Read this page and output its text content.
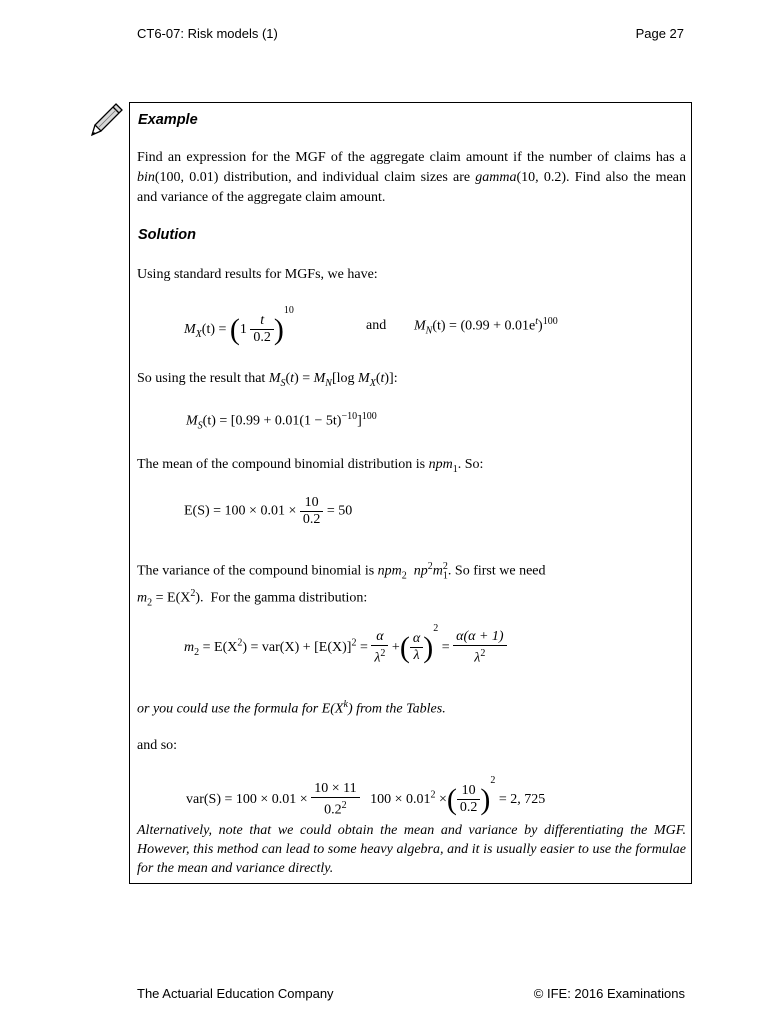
CT6-07: Risk models (1)	Page 27
Example
Find an expression for the MGF of the aggregate claim amount if the number of claims has a bin(100, 0.01) distribution, and individual claim sizes are gamma(10, 0.2). Find also the mean and variance of the aggregate claim amount.
Solution
Using standard results for MGFs, we have:
$M_X(t) = (1 \frac{t}{0.2} )^{10}$
and $M_N(t) = (0.99 + 0.01e^t)^{100}$
So using the result that $M_S(t) = M_N[\log$ $M_X(t)$]:
$M_S(t) = [0.99 + 0.01(1 - 5t)^{-10}]^{100}$
The mean of the compound binomial distribution is npm$_1$. So:
$E(S) = 100 \times 0.01 \times \frac{10}{0.2} = 50$
The variance of the compound binomial is npm$_2$ $np^2m_1^2$. So first we need
$m_2 = E(X^2)$. For the gamma distribution:
$m_2 = E(X^2) = var(X) + [E(X)]^2 = \frac{\alpha}{\lambda^2}$ +( $\frac{\alpha}{\lambda} )^2 = \frac{\alpha(\alpha + 1)}{\lambda^2}$
or you could use the formula for $E(X^k)$ from the Tables.
and so:
$var(S) = 100 \times 0.01 \times \frac{10 \times 11}{0.2^2} 100 \times 0.01^2$ ×( $\frac{10}{0.2} )^2 = 2$, 725
Alternatively, note that we could obtain the mean and variance by differentiating the MGF. However, this method can lead to some heavy algebra, and it is usually easier to use the formulae for the mean and variance directly.
The Actuarial Education Company	© IFE: 2016 Examinations
